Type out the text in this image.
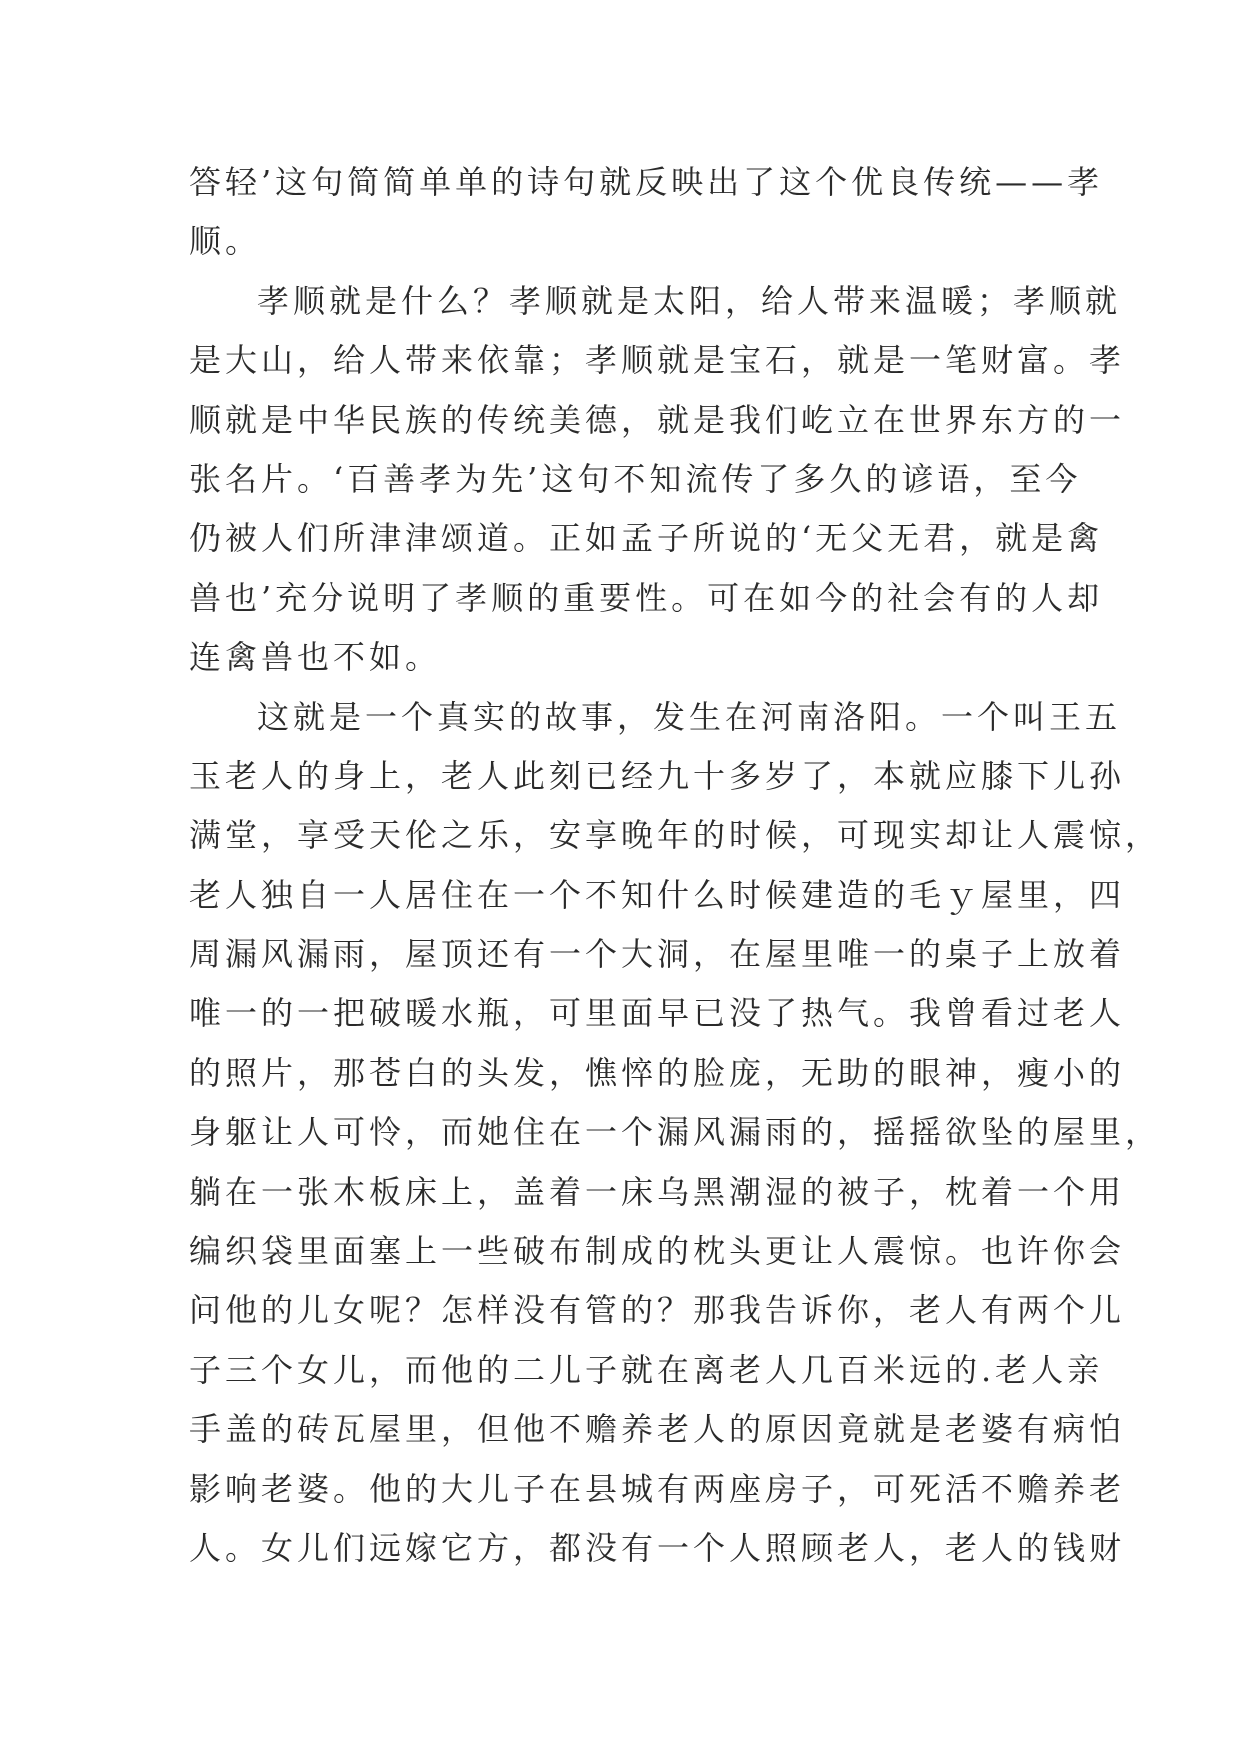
答轻’这句简简单单的诗句就反映出了这个优良传统——孝
顺。
孝顺就是什么？孝顺就是太阳，给人带来温暖；孝顺就
是大山，给人带来依靠；孝顺就是宝石，就是一笔财富。孝
顺就是中华民族的传统美德，就是我们屹立在世界东方的一
张名片。‘百善孝为先’这句不知流传了多久的谚语，至今
仍被人们所津津颂道。正如孟子所说的‘无父无君，就是禽
兽也’充分说明了孝顺的重要性。可在如今的社会有的人却
连禽兽也不如。
这就是一个真实的故事，发生在河南洛阳。一个叫王五
玉老人的身上，老人此刻已经九十多岁了，本就应膝下儿孙
满堂，享受天伦之乐，安享晚年的时候，可现实却让人震惊，
老人独自一人居住在一个不知什么时候建造的毛ｙ屋里，四
周漏风漏雨，屋顶还有一个大洞，在屋里唯一的桌子上放着
唯一的一把破暖水瓶，可里面早已没了热气。我曾看过老人
的照片，那苍白的头发，憔悴的脸庞，无助的眼神，瘦小的
身躯让人可怜，而她住在一个漏风漏雨的，摇摇欲坠的屋里，
躺在一张木板床上，盖着一床乌黑潮湿的被子，枕着一个用
编织袋里面塞上一些破布制成的枕头更让人震惊。也许你会
问他的儿女呢？怎样没有管的？那我告诉你，老人有两个儿
子三个女儿，而他的二儿子就在离老人几百米远的.老人亲
手盖的砖瓦屋里，但他不赡养老人的原因竟就是老婆有病怕
影响老婆。他的大儿子在县城有两座房子，可死活不赡养老
人。女儿们远嫁它方，都没有一个人照顾老人，老人的钱财
